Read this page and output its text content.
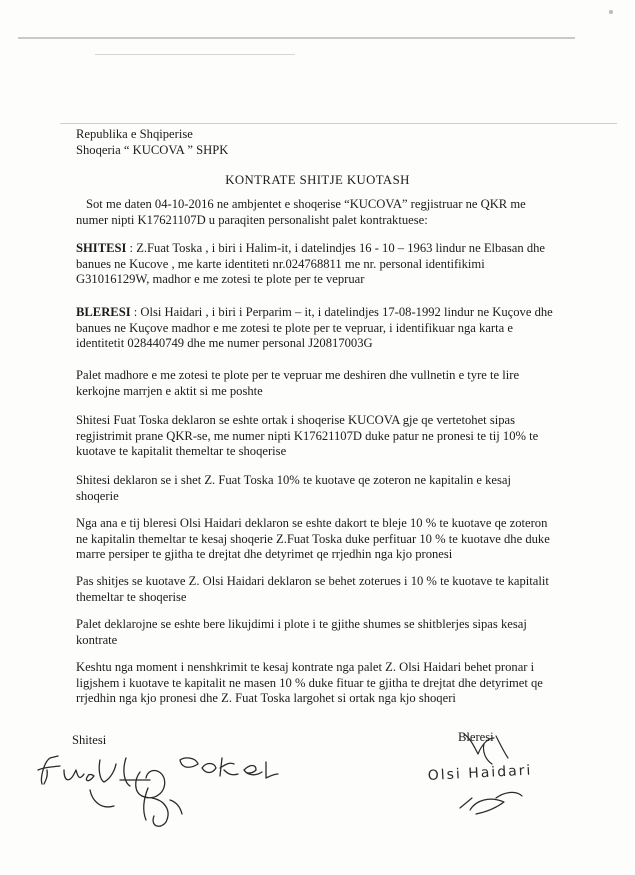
Republika e Shqiperise
Shoqeria “ KUCOVA ” SHPK
KONTRATE SHITJE KUOTASH
Sot me daten 04-10-2016 ne ambjentet e shoqerise “KUCOVA” regjistruar ne QKR me numer nipti K17621107D u paraqiten personalisht palet kontraktuese:
SHITESI : Z.Fuat Toska , i biri i Halim-it, i datelindjes 16 - 10 – 1963 lindur ne Elbasan dhe banues ne Kucove , me karte identiteti nr.024768811 me nr. personal identifikimi G31016129W, madhor e me zotesi te plote per te vepruar
BLERESI : Olsi Haidari , i biri i Perparim – it, i datelindjes 17-08-1992 lindur ne Kuçove dhe banues ne Kuçove madhor e me zotesi te plote per te vepruar, i identifikuar nga karta e identitetit 028440749 dhe me numer personal J20817003G
Palet madhore e me zotesi te plote per te vepruar me deshiren dhe vullnetin e tyre te lire kerkojne marrjen e aktit si me poshte
Shitesi Fuat Toska deklaron se eshte ortak i shoqerise KUCOVA gje qe vertetohet sipas regjistrimit prane QKR-se, me numer nipti K17621107D duke patur ne pronesi te tij 10% te kuotave te kapitalit themeltar te shoqerise
Shitesi deklaron se i shet Z. Fuat Toska 10% te kuotave qe zoteron ne kapitalin e kesaj shoqerie
Nga ana e tij bleresi Olsi Haidari deklaron se eshte dakort te bleje 10 % te kuotave qe zoteron ne kapitalin themeltar te kesaj shoqerie Z.Fuat Toska duke perfituar 10 % te kuotave dhe duke marre persiper te gjitha te drejtat dhe detyrimet qe rrjedhin nga kjo pronesi
Pas shitjes se kuotave Z. Olsi Haidari deklaron se behet zoterues i 10 % te kuotave te kapitalit themeltar te shoqerise
Palet deklarojne se eshte bere likujdimi i plote i te gjithe shumes se shitblerjes sipas kesaj kontrate
Keshtu nga moment i nenshkrimit te kesaj kontrate nga palet Z. Olsi Haidari behet pronar i ligjshem i kuotave te kapitalit ne masen 10 % duke fituar te gjitha te drejtat dhe detyrimet qe rrjedhin nga kjo pronesi dhe Z. Fuat Toska largohet si ortak nga kjo shoqeri
Shitesi	Bleresi
Olsi Haidari
